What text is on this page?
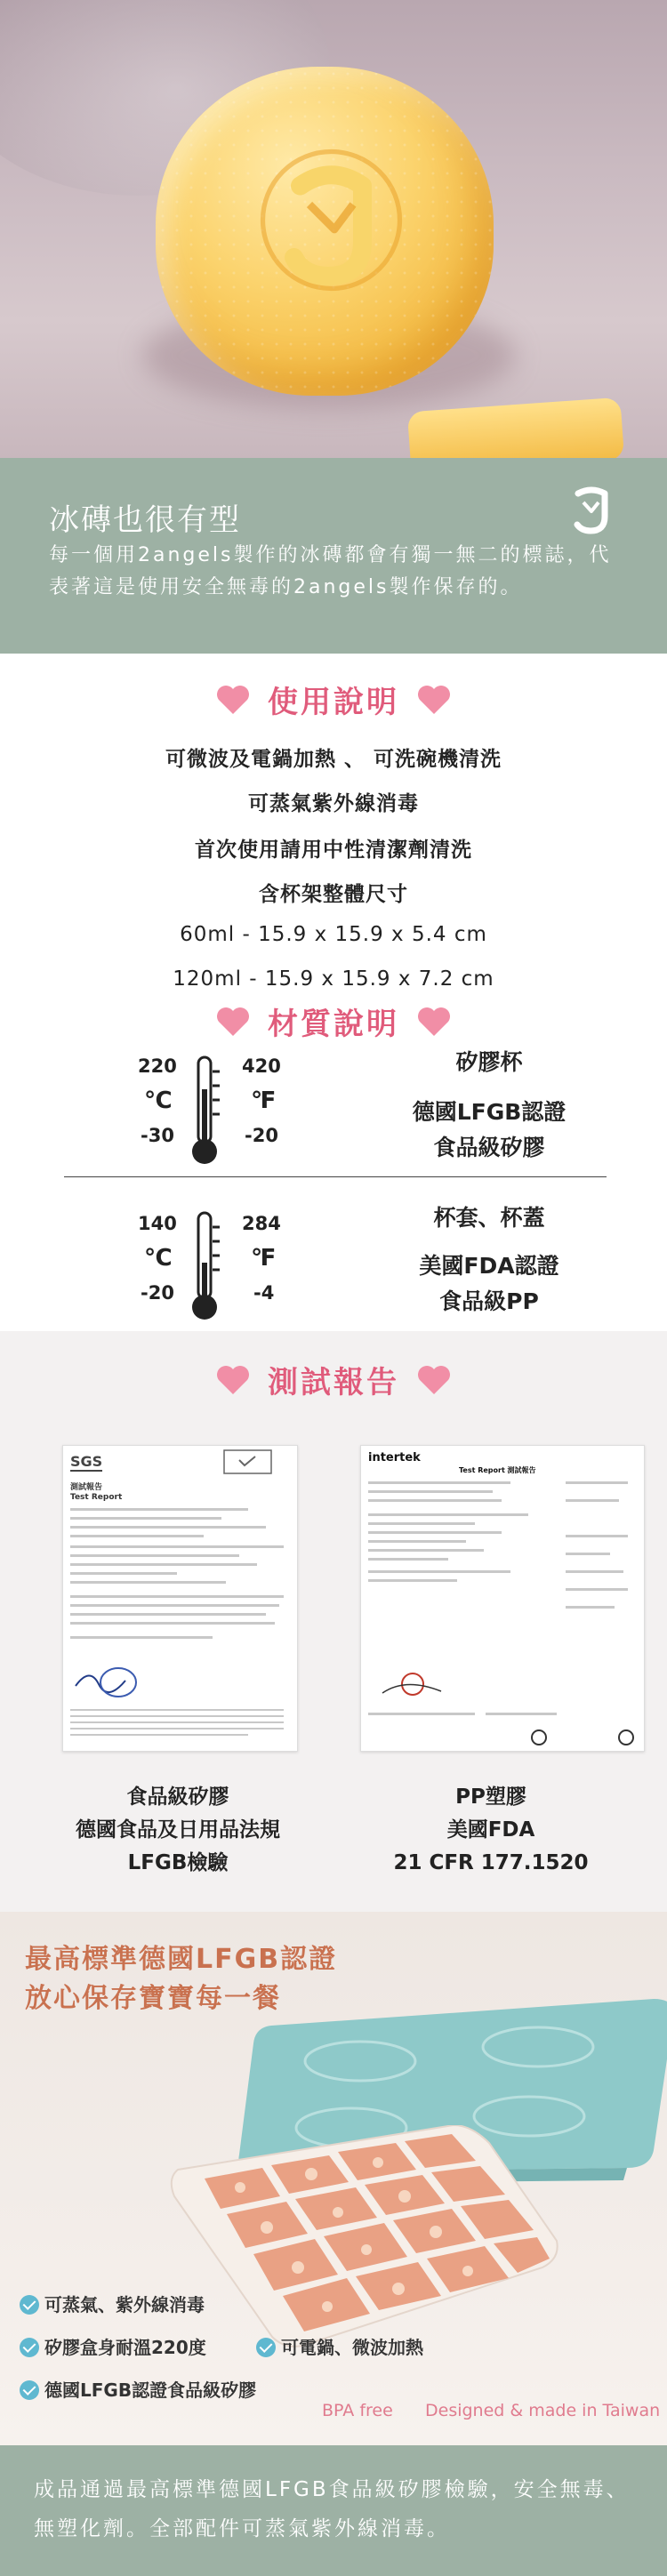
冰磚也很有型
每一個用2angels製作的冰磚都會有獨一無二的標誌，代表著這是使用安全無毒的2angels製作保存的。
使用說明
可微波及電鍋加熱 、 可洗碗機清洗
可蒸氣紫外線消毒
首次使用請用中性清潔劑清洗
含杯架整體尺寸
60ml - 15.9 x 15.9 x 5.4 cm
120ml - 15.9 x 15.9 x 7.2 cm
材質說明
220
℃
-30
420
℉
-20
矽膠杯
德國LFGB認證
食品級矽膠
140
℃
-20
284
℉
-4
杯套、杯蓋
美國FDA認證
食品級PP
測試報告
SGS
測試報告
Test Report
intertek
Test Report 測試報告
食品級矽膠
德國食品及日用品法規
LFGB檢驗
PP塑膠
美國FDA
21 CFR 177.1520
最高標準德國LFGB認證
放心保存寶寶每一餐
可蒸氣、紫外線消毒
矽膠盒身耐溫220度	可電鍋、微波加熱
德國LFGB認證食品級矽膠
BPA free Designed & made in Taiwan
成品通過最高標準德國LFGB食品級矽膠檢驗，安全無毒、無塑化劑。全部配件可蒸氣紫外線消毒。
